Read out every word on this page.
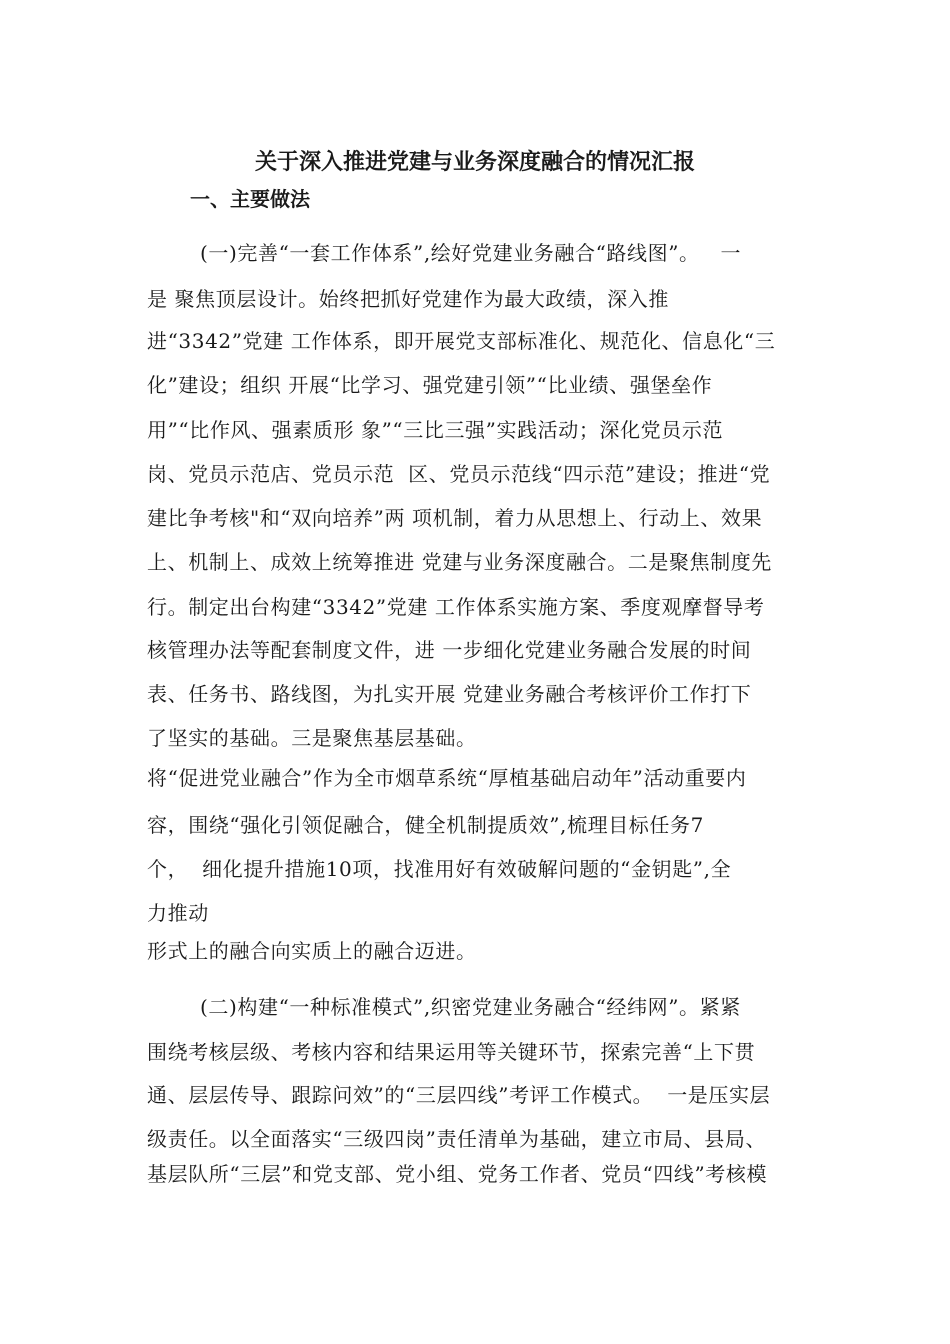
关于深入推进党建与业务深度融合的情况汇报
一、主要做法
(一)完善“一套工作体系”,绘好党建业务融合“路线图”。   一
是 聚焦顶层设计。始终把抓好党建作为最大政绩，深入推
进“3342”党建 工作体系，即开展党支部标准化、规范化、信息化“三
化”建设；组织 开展“比学习、强党建引领”“比业绩、强堡垒作
用”“比作风、强素质形 象”“三比三强”实践活动；深化党员示范
岗、党员示范店、党员示范  区、党员示范线“四示范”建设；推进“党
建比争考核"和“双向培养”两 项机制，着力从思想上、行动上、效果
上、机制上、成效上统筹推进 党建与业务深度融合。二是聚焦制度先
行。制定出台构建“3342”党建 工作体系实施方案、季度观摩督导考
核管理办法等配套制度文件，进 一步细化党建业务融合发展的时间
表、任务书、路线图，为扎实开展 党建业务融合考核评价工作打下
了坚实的基础。三是聚焦基层基础。
将“促进党业融合”作为全市烟草系统“厚植基础启动年”活动重要内
容，围绕“强化引领促融合，健全机制提质效”,梳理目标任务7
个，  细化提升措施10项，找准用好有效破解问题的“金钥匙”,全
力推动
形式上的融合向实质上的融合迈进。
(二)构建“一种标准模式”,织密党建业务融合“经纬网”。紧紧
围绕考核层级、考核内容和结果运用等关键环节，探索完善“上下贯
通、层层传导、跟踪问效”的“三层四线”考评工作模式。  一是压实层
级责任。以全面落实“三级四岗”责任清单为基础，建立市局、县局、
基层队所“三层”和党支部、党小组、党务工作者、党员“四线”考核模
